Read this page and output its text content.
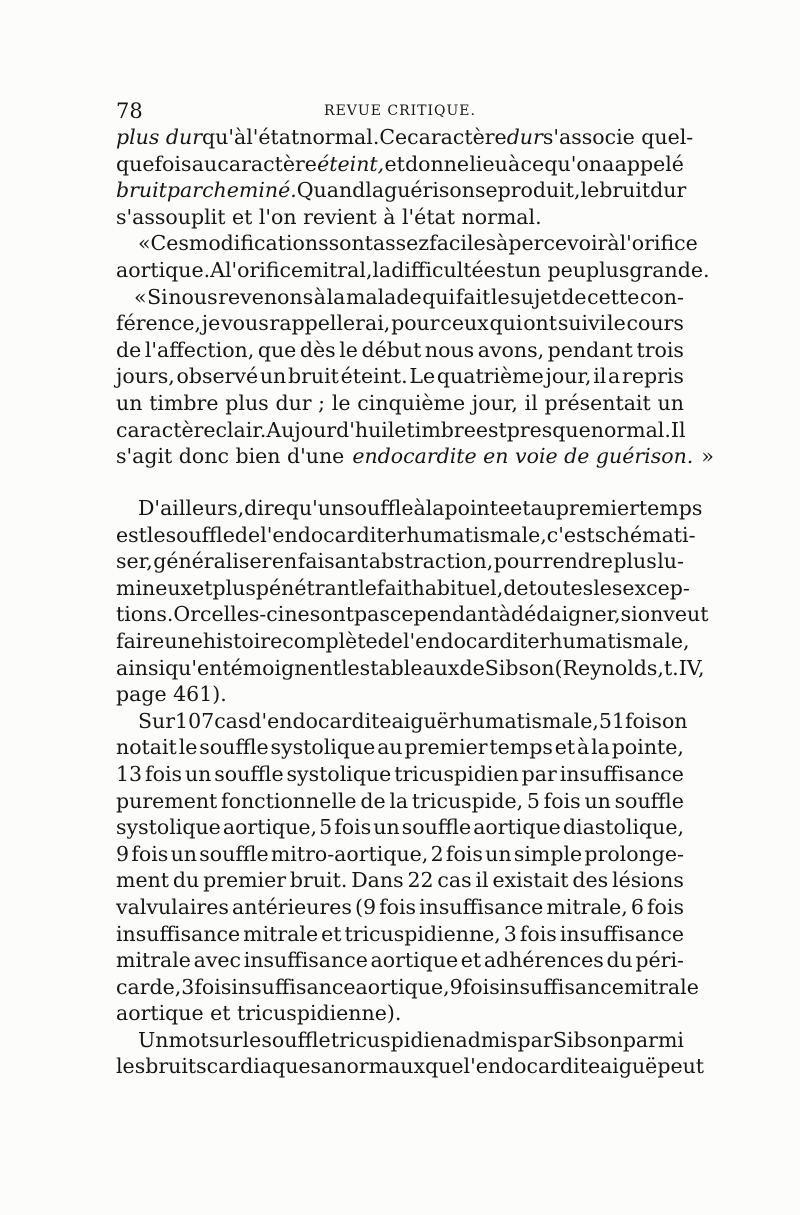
78	REVUE CRITIQUE.
plus dur qu'à l'état normal. Ce caractère dur s'associe quel-
quefois au caractère éteint, et donne lieu à ce qu'on a appelé
bruit parcheminé. Quand la guérison se produit, le bruit dur
s'assouplit et l'on revient à l'état normal.
« Ces modifications sont assez faciles à percevoir à l'orifice
aortique. A l'orifice mitral, la difficulté est un peu plus grande.
« Si nous revenons à la malade qui fait le sujet de cette con-
férence, je vous rappellerai, pour ceux qui ont suivi le cours
de l'affection, que dès le début nous avons, pendant trois
jours, observé un bruit éteint. Le quatrième jour, il a repris
un timbre plus dur ; le cinquième jour, il présentait un
caractère clair. Aujourd'hui le timbre est presque normal. Il
s'agit donc bien d'une endocardite en voie de guérison. »
D'ailleurs, dire qu'un souffle à la pointe et au premier temps
est le souffle de l'endocardite rhumatismale, c'est schémati-
ser, généraliser en faisant abstraction, pour rendre plus lu-
mineux et plus pénétrant le fait habituel, de toutes les excep-
tions. Or celles-ci ne sont pas cependant à dédaigner, si on veut
faire une histoire complète de l'endocardite rhumatismale,
ainsi qu'en témoignent les tableaux de Sibson (Reynolds, t. IV,
page 461).
Sur 107 cas d'endocardite aiguë rhumatismale, 51 fois on
notait le souffle systolique au premier temps et à la pointe,
13 fois un souffle systolique tricuspidien par insuffisance
purement fonctionnelle de la tricuspide, 5 fois un souffle
systolique aortique, 5 fois un souffle aortique diastolique,
9 fois un souffle mitro-aortique, 2 fois un simple prolonge-
ment du premier bruit. Dans 22 cas il existait des lésions
valvulaires antérieures (9 fois insuffisance mitrale, 6 fois
insuffisance mitrale et tricuspidienne, 3 fois insuffisance
mitrale avec insuffisance aortique et adhérences du péri-
carde, 3 fois insuffisance aortique, 9 fois insuffisance mitrale
aortique et tricuspidienne).
Un mot sur le souffle tricuspidien admis par Sibson parmi
les bruits cardiaques anormaux que l'endocardite aiguë peut
